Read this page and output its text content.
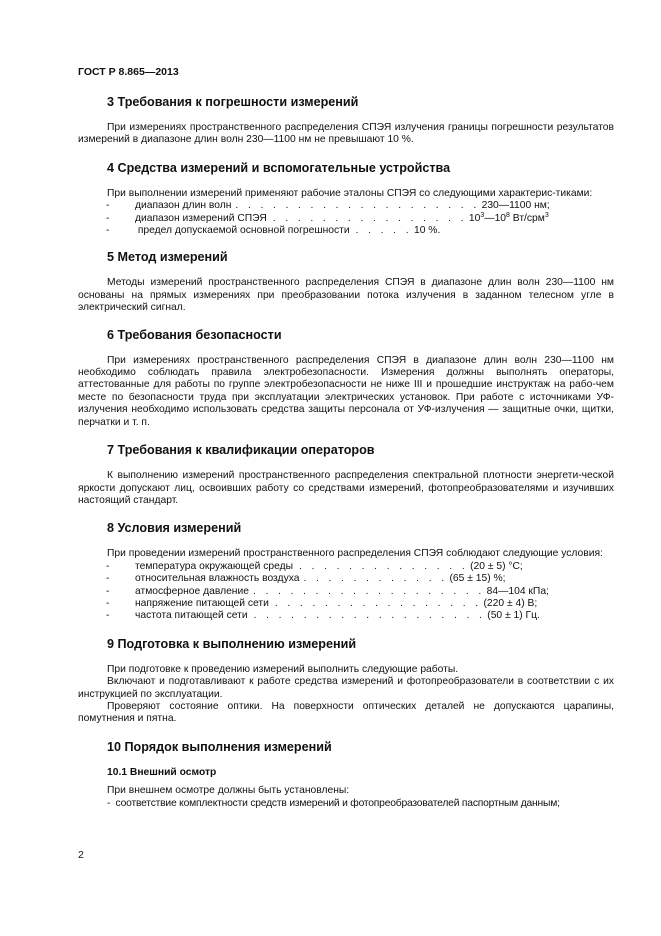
ГОСТ Р 8.865—2013
3 Требования к погрешности измерений

При измерениях пространственного распределения СПЭЯ излучения границы погрешности результатов измерений в диапазоне длин волн 230—1100 нм не превышают 10 %.

4 Средства измерений и вспомогательные устройства

При выполнении измерений применяют рабочие эталоны СПЭЯ со следующими характерис-тиками:

-	диапазон длин волн . . . . . . . . . . . . . . . . . . . . 230—1100 нм;
-	диапазон измерений СПЭЯ . . . . . . . . . . . . . . . . $10^3—10^8$ Вт/срм$^3$
-	предел допускаемой основной погрешности . . . . . 10 %.
5 Метод измерений

Методы измерений пространственного распределения СПЭЯ в диапазоне длин волн 230—1100 нм основаны на прямых измерениях при преобразовании потока излучения в заданном телесном угле в электрический сигнал.

6 Требования безопасности

При измерениях пространственного распределения СПЭЯ в диапазоне длин волн 230—1100 нм необходимо соблюдать правила электробезопасности. Измерения должны выполнять операторы, аттестованные для работы по группе электробезопасности не ниже III и прошедшие инструктаж на рабо-чем месте по безопасности труда при эксплуатации электрических установок. При работе с источниками УФ-излучения необходимо использовать средства защиты персонала от УФ-излучения — защитные очки, щитки, перчатки и т. п.

7 Требования к квалификации операторов

К выполнению измерений пространственного распределения спектральной плотности энергети-ческой яркости допускают лиц, освоивших работу со средствами измерений, фотопреобразователями и изучивших настоящий стандарт.

8 Условия измерений

При проведении измерений пространственного распределения СПЭЯ соблюдают следующие условия:

-	температура окружающей среды . . . . . . . . . . . . . . (20 ± 5) °С;
-	относительная влажность воздуха . . . . . . . . . . . . (65 ± 15) %;
-	атмосферное давление . . . . . . . . . . . . . . . . . . . 84—104 кПа;
-	напряжение питающей сети . . . . . . . . . . . . . . . . . (220 ± 4) В;
-	частота питающей сети . . . . . . . . . . . . . . . . . . . (50 ± 1) Гц.
9 Подготовка к выполнению измерений

При подготовке к проведению измерений выполнить следующие работы.

Включают и подготавливают к работе средства измерений и фотопреобразователи в соответствии с их инструкцией по эксплуатации.

Проверяют состояние оптики. На поверхности оптических деталей не допускаются царапины, помутнения и пятна.

10 Порядок выполнения измерений
10.1 Внешний осмотр

При внешнем осмотре должны быть установлены:

-  соответствие комплектности средств измерений и фотопреобразователей паспортным данным;

2
